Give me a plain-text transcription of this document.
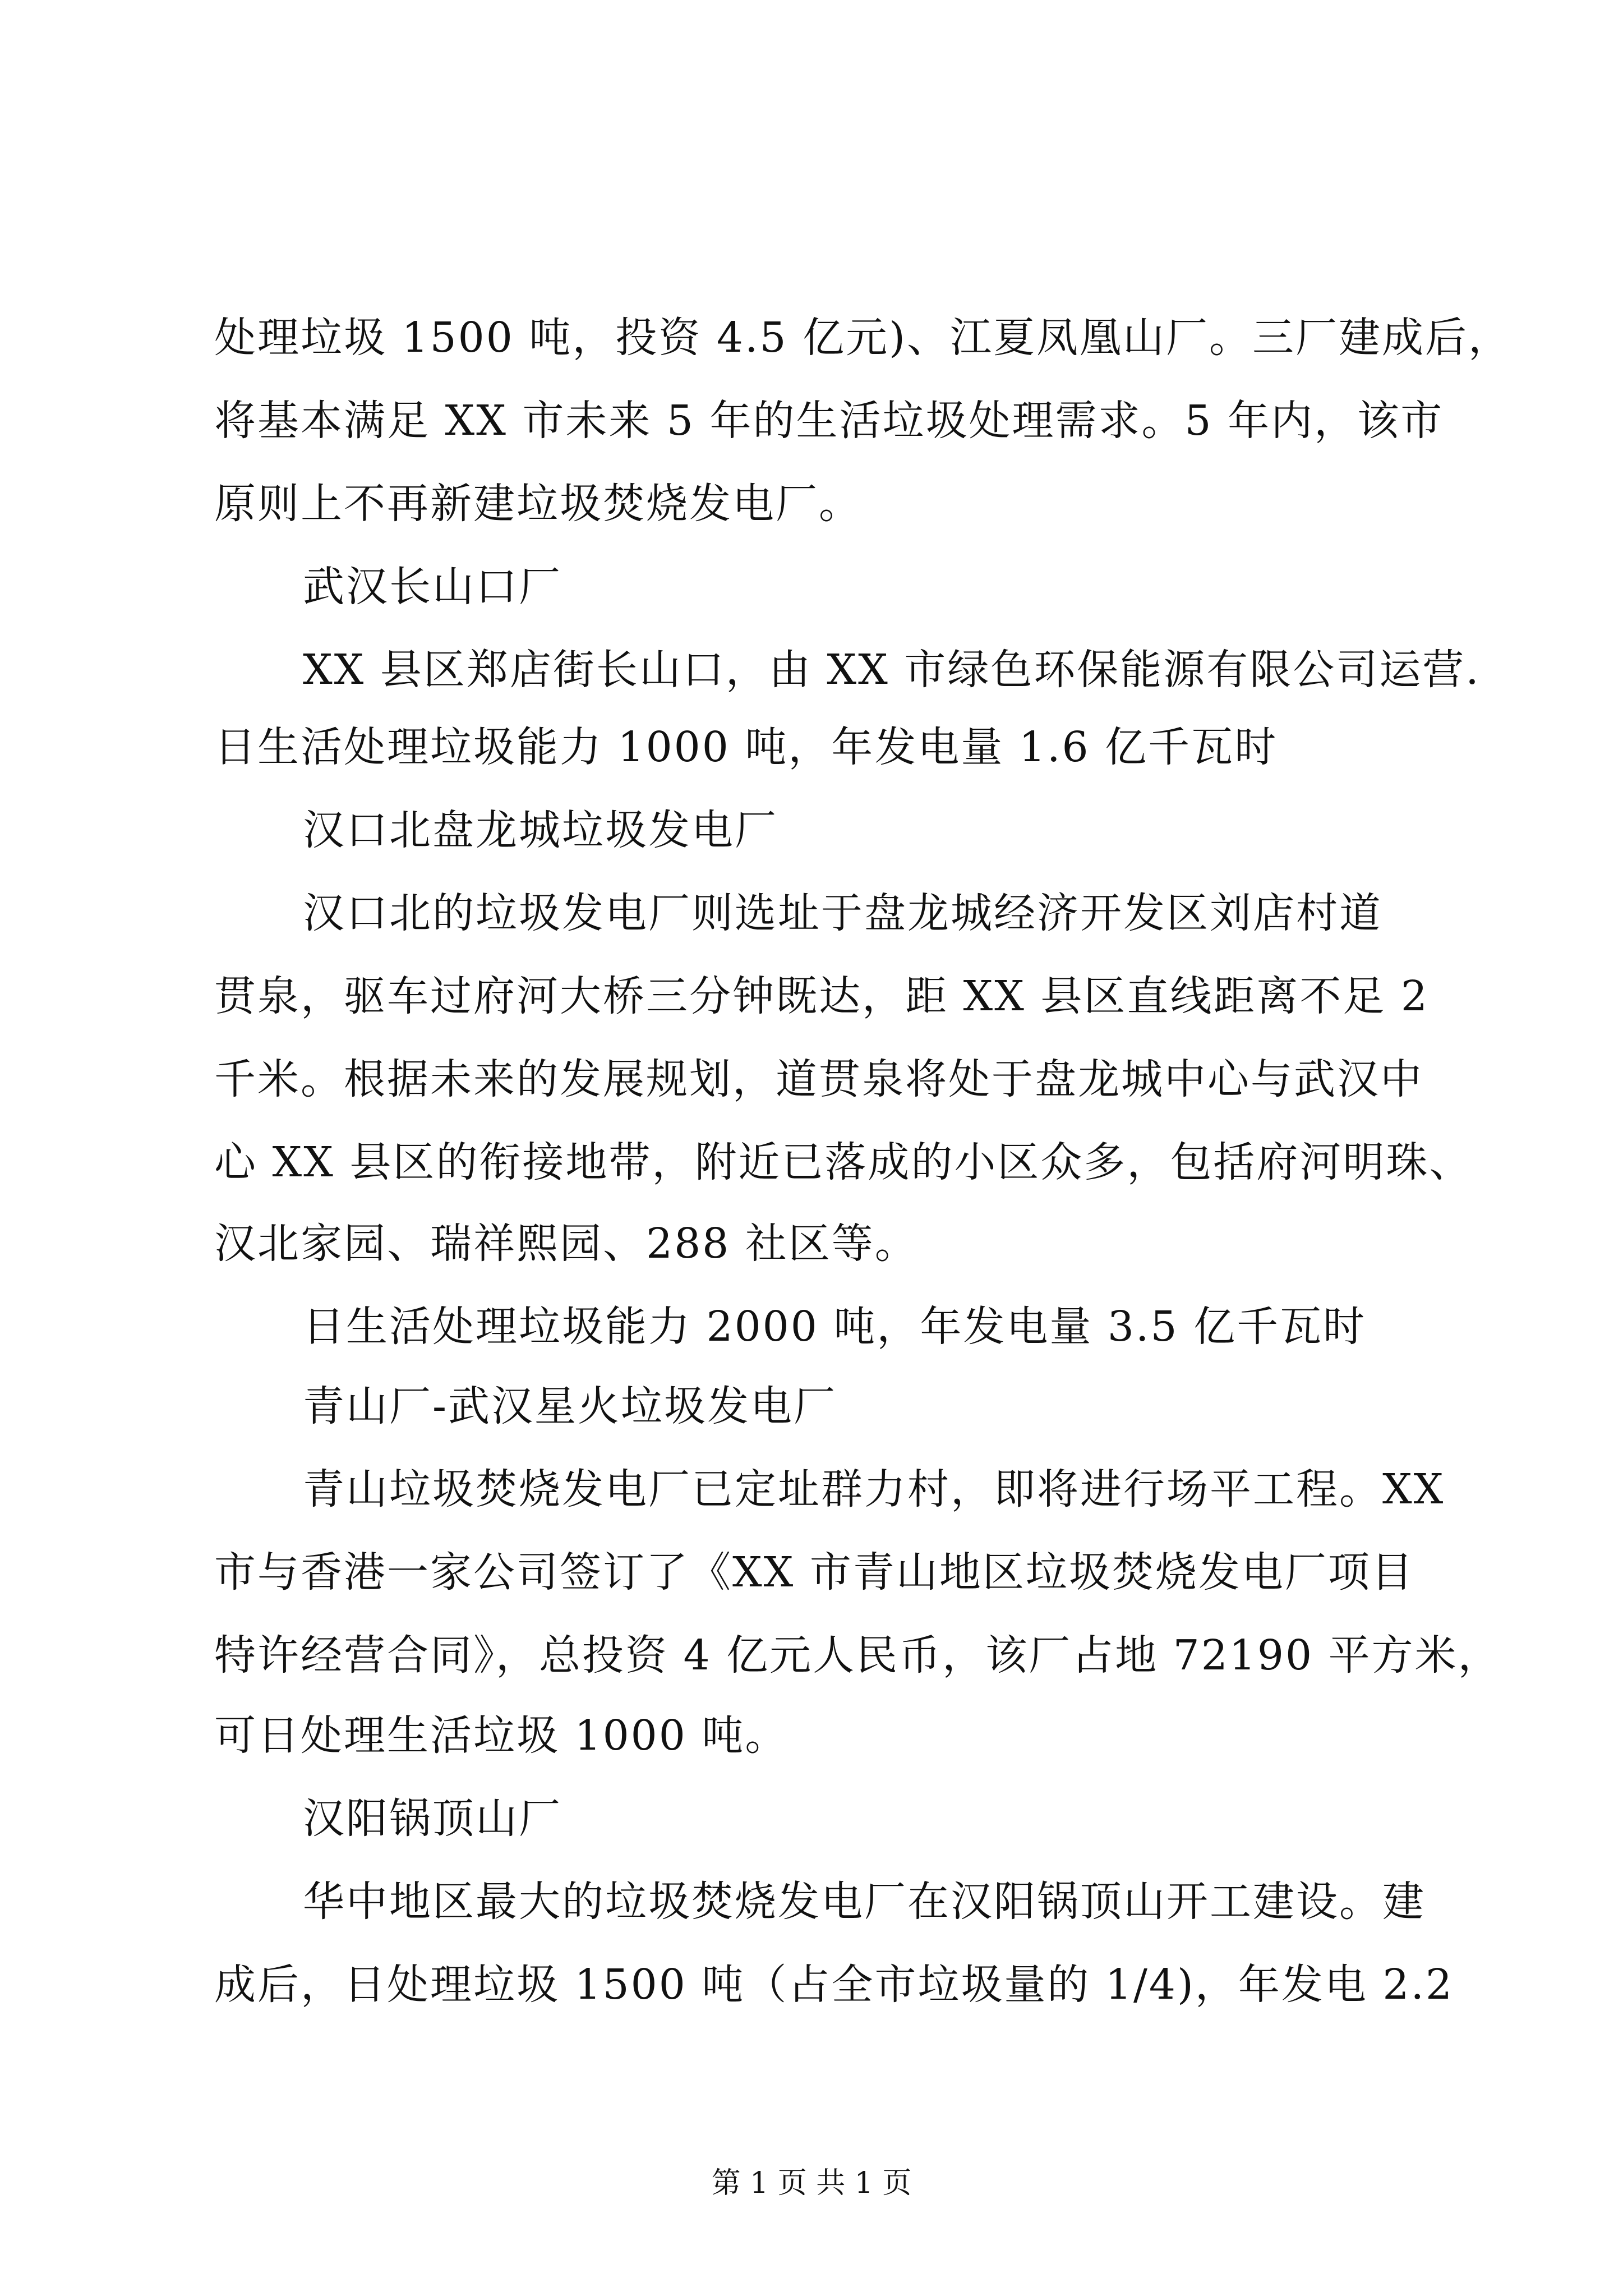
处理垃圾 1500 吨，投资 4.5 亿元)、江夏凤凰山厂。三厂建成后，
将基本满足 XX 市未来 5 年的生活垃圾处理需求。5 年内，该市
原则上不再新建垃圾焚烧发电厂。
武汉长山口厂
XX 县区郑店街长山口，由 XX 市绿色环保能源有限公司运营.
日生活处理垃圾能力 1000 吨，年发电量 1.6 亿千瓦时
汉口北盘龙城垃圾发电厂
汉口北的垃圾发电厂则选址于盘龙城经济开发区刘店村道
贯泉，驱车过府河大桥三分钟既达，距 XX 县区直线距离不足 2
千米。根据未来的发展规划，道贯泉将处于盘龙城中心与武汉中
心 XX 县区的衔接地带，附近已落成的小区众多，包括府河明珠、
汉北家园、瑞祥熙园、288 社区等。
日生活处理垃圾能力 2000 吨，年发电量 3.5 亿千瓦时
青山厂-武汉星火垃圾发电厂
青山垃圾焚烧发电厂已定址群力村，即将进行场平工程。XX
市与香港一家公司签订了《XX 市青山地区垃圾焚烧发电厂项目
特许经营合同》，总投资 4 亿元人民币，该厂占地 72190 平方米，
可日处理生活垃圾 1000 吨。
汉阳锅顶山厂
华中地区最大的垃圾焚烧发电厂在汉阳锅顶山开工建设。建
成后，日处理垃圾 1500 吨（占全市垃圾量的 1/4)，年发电 2.2
第 1 页 共 1 页
